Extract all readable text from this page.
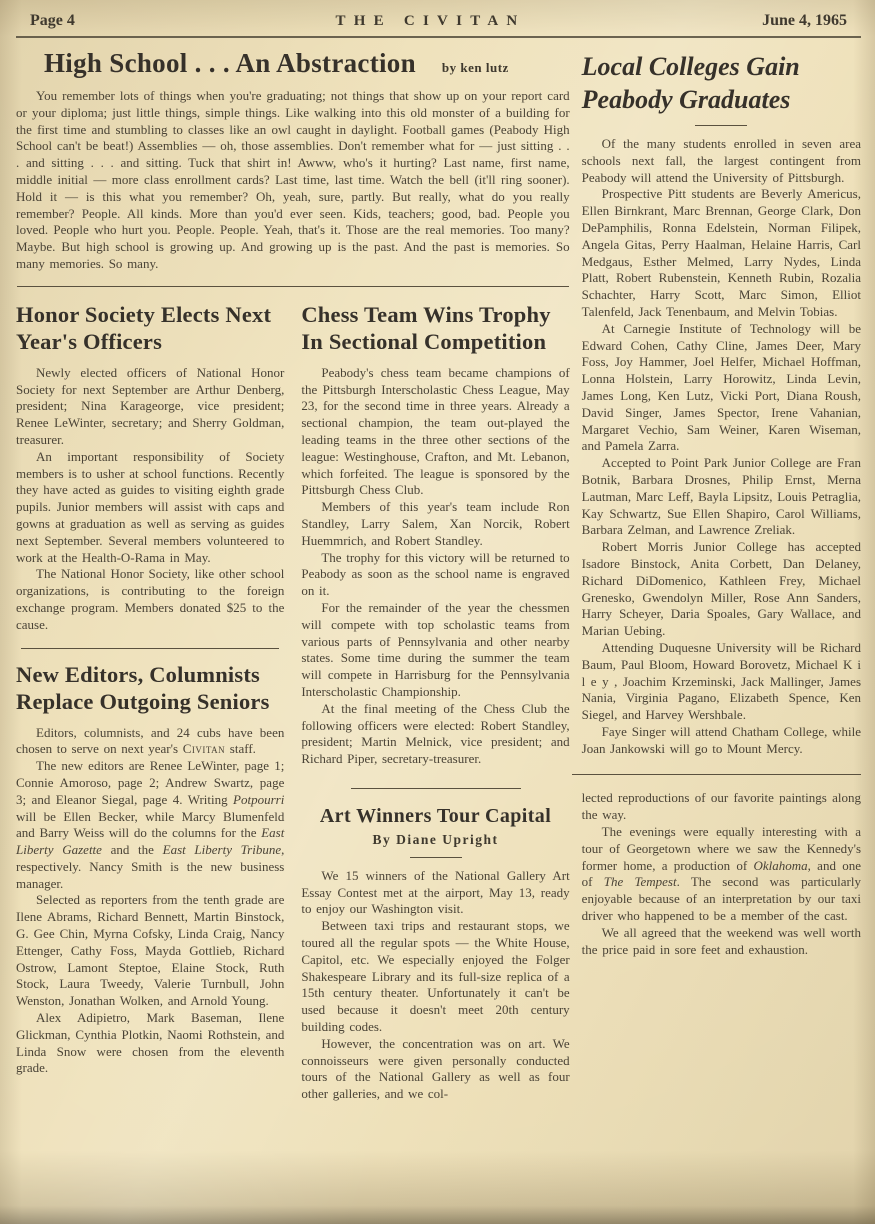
Page 4	THE CIVITAN	June 4, 1965
High School . . . An Abstraction by ken lutz

You remember lots of things when you're graduating; not things that show up on your report card or your diploma; just little things, simple things. Like walking into this old monster of a building for the first time and stumbling to classes like an owl caught in daylight. Football games (Peabody High School can't be beat!) Assemblies — oh, those assemblies. Don't remember what for — just sitting . . . and sitting . . . and sitting. Tuck that shirt in! Awww, who's it hurting? Last name, first name, middle initial — more class enrollment cards? Last time, last time. Watch the bell (it'll ring sooner). Hold it — is this what you remember? Oh, yeah, sure, partly. But really, what do you really remember? People. All kinds. More than you'd ever seen. Kids, teachers; good, bad. People you loved. People who hurt you. People. People. Yeah, that's it. Those are the real memories. Too many? Maybe. But high school is growing up. And growing up is the past. And the past is memories. So many memories. So many.

Honor Society Elects Next Year's Officers

Newly elected officers of National Honor Society for next September are Arthur Denberg, president; Nina Karageorge, vice president; Renee LeWinter, secretary; and Sherry Goldman, treasurer.

An important responsibility of Society members is to usher at school functions. Recently they have acted as guides to visiting eighth grade pupils. Junior members will assist with caps and gowns at graduation as well as serving as guides next September. Several members volunteered to work at the Health-O-Rama in May.

The National Honor Society, like other school organizations, is contributing to the foreign exchange program. Members donated $25 to the cause.

New Editors, Columnists Replace Outgoing Seniors

Editors, columnists, and 24 cubs have been chosen to serve on next year's Civitan staff.

The new editors are Renee LeWinter, page 1; Connie Amoroso, page 2; Andrew Swartz, page 3; and Eleanor Siegal, page 4. Writing Potpourri will be Ellen Becker, while Marcy Blumenfeld and Barry Weiss will do the columns for the East Liberty Gazette and the East Liberty Tribune, respectively. Nancy Smith is the new business manager.

Selected as reporters from the tenth grade are Ilene Abrams, Richard Bennett, Martin Binstock, G. Gee Chin, Myrna Cofsky, Linda Craig, Nancy Ettenger, Cathy Foss, Mayda Gottlieb, Richard Ostrow, Lamont Steptoe, Elaine Stock, Ruth Stock, Laura Tweedy, Valerie Turnbull, John Wenston, Jonathan Wolken, and Arnold Young.

Alex Adipietro, Mark Baseman, Ilene Glickman, Cynthia Plotkin, Naomi Rothstein, and Linda Snow were chosen from the eleventh grade.

Chess Team Wins Trophy In Sectional Competition

Peabody's chess team became champions of the Pittsburgh Interscholastic Chess League, May 23, for the second time in three years. Already a sectional champion, the team out-played the leading teams in the three other sections of the league: Westinghouse, Crafton, and Mt. Lebanon, which forfeited. The league is sponsored by the Pittsburgh Chess Club.

Members of this year's team include Ron Standley, Larry Salem, Xan Norcik, Robert Huemmrich, and Robert Standley.

The trophy for this victory will be returned to Peabody as soon as the school name is engraved on it.

For the remainder of the year the chessmen will compete with top scholastic teams from various parts of Pennsylvania and other nearby states. Some time during the summer the team will compete in Harrisburg for the Pennsylvania Interscholastic Championship.

At the final meeting of the Chess Club the following officers were elected: Robert Standley, president; Martin Melnick, vice president; and Richard Piper, secretary-treasurer.

Art Winners Tour Capital
By Diane Upright

We 15 winners of the National Gallery Art Essay Contest met at the airport, May 13, ready to enjoy our Washington visit.

Between taxi trips and restaurant stops, we toured all the regular spots — the White House, Capitol, etc. We especially enjoyed the Folger Shakespeare Library and its full-size replica of a 15th century theater. Unfortunately it can't be used because it doesn't meet 20th century building codes.

However, the concentration was on art. We connoisseurs were given personally conducted tours of the National Gallery as well as four other galleries, and we col-

Local Colleges Gain Peabody Graduates

Of the many students enrolled in seven area schools next fall, the largest contingent from Peabody will attend the University of Pittsburgh.

Prospective Pitt students are Beverly Americus, Ellen Birnkrant, Marc Brennan, George Clark, Don DePamphilis, Ronna Edelstein, Norman Filipek, Angela Gitas, Perry Haalman, Helaine Harris, Carl Medgaus, Esther Melmed, Larry Nydes, Linda Platt, Robert Rubenstein, Kenneth Rubin, Rozalia Schachter, Harry Scott, Marc Simon, Elliot Talenfeld, Jack Tenenbaum, and Melvin Tobias.

At Carnegie Institute of Technology will be Edward Cohen, Cathy Cline, James Deer, Mary Foss, Joy Hammer, Joel Helfer, Michael Hoffman, Lonna Holstein, Larry Horowitz, Linda Levin, James Long, Ken Lutz, Vicki Port, Diana Roush, David Singer, James Spector, Irene Vahanian, Margaret Vechio, Sam Weiner, Karen Wiseman, and Pamela Zarra.

Accepted to Point Park Junior College are Fran Botnik, Barbara Drosnes, Philip Ernst, Merna Lautman, Marc Leff, Bayla Lipsitz, Louis Petraglia, Kay Schwartz, Sue Ellen Shapiro, Carol Williams, Barbara Zelman, and Lawrence Zreliak.

Robert Morris Junior College has accepted Isadore Binstock, Anita Corbett, Dan Delaney, Richard DiDomenico, Kathleen Frey, Michael Grenesko, Gwendolyn Miller, Rose Ann Sanders, Harry Scheyer, Daria Spoales, Gary Wallace, and Marian Uebing.

Attending Duquesne University will be Richard Baum, Paul Bloom, Howard Borovetz, Michael K i l e y , Joachim Krzeminski, Jack Mallinger, James Nania, Virginia Pagano, Elizabeth Spence, Ken Siegel, and Harvey Wershbale.

Faye Singer will attend Chatham College, while Joan Jankowski will go to Mount Mercy.

lected reproductions of our favorite paintings along the way.

The evenings were equally interesting with a tour of Georgetown where we saw the Kennedy's former home, a production of Oklahoma, and one of The Tempest. The second was particularly enjoyable because of an interpretation by our taxi driver who happened to be a member of the cast.

We all agreed that the weekend was well worth the price paid in sore feet and exhaustion.
